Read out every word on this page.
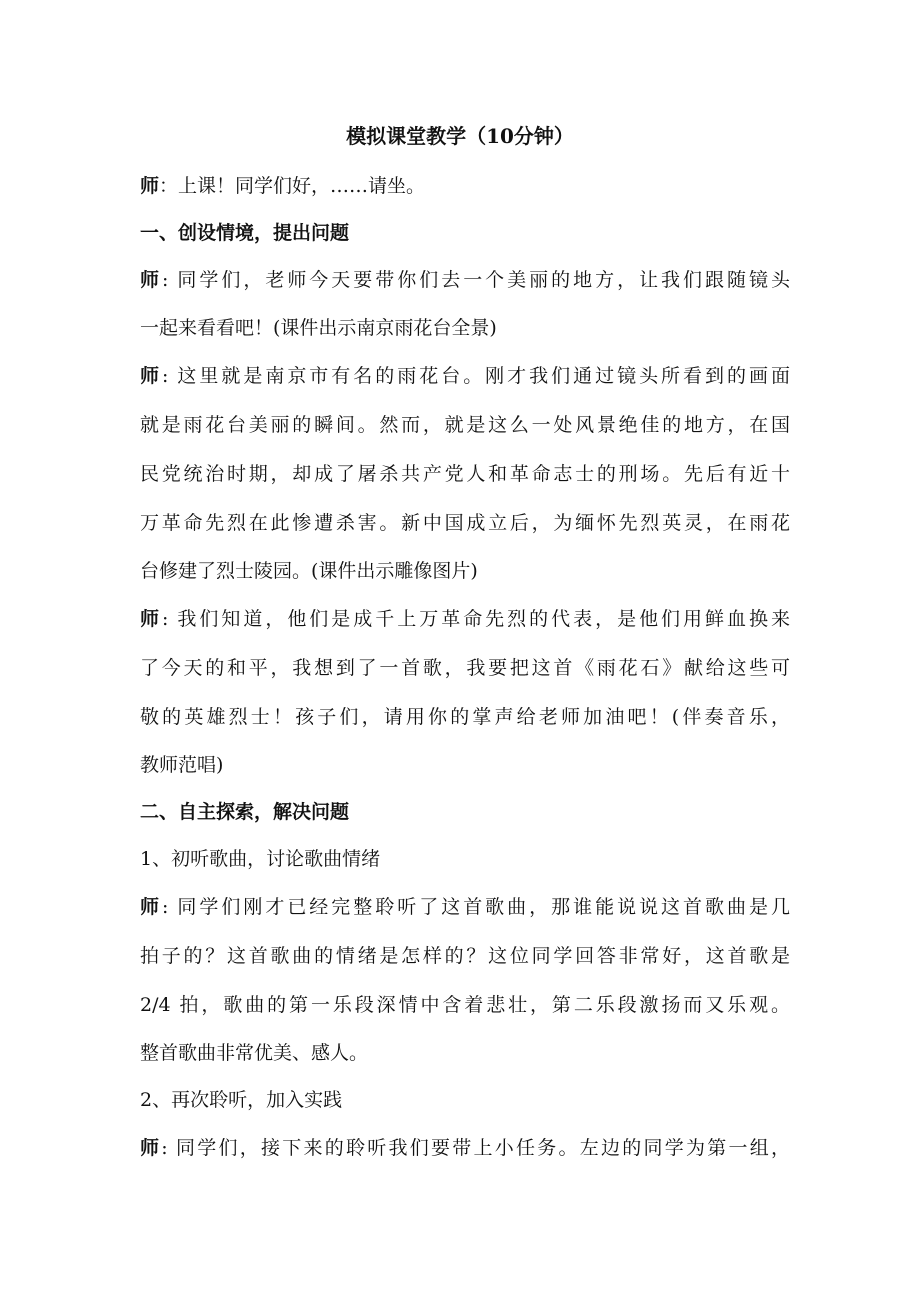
模拟课堂教学（10分钟）

师：上课！同学们好，……请坐。

一、创设情境，提出问题

师: 同学们，老师今天要带你们去一个美丽的地方，让我们跟随镜头

一起来看看吧！(课件出示南京雨花台全景)

师: 这里就是南京市有名的雨花台。刚才我们通过镜头所看到的画面

就是雨花台美丽的瞬间。然而，就是这么一处风景绝佳的地方，在国

民党统治时期，却成了屠杀共产党人和革命志士的刑场。先后有近十

万革命先烈在此惨遭杀害。新中国成立后，为缅怀先烈英灵，在雨花

台修建了烈士陵园。(课件出示雕像图片)

师: 我们知道，他们是成千上万革命先烈的代表，是他们用鲜血换来

了今天的和平，我想到了一首歌，我要把这首《雨花石》献给这些可

敬的英雄烈士！孩子们，请用你的掌声给老师加油吧！(伴奏音乐，

教师范唱)

二、自主探索，解决问题

1、初听歌曲，讨论歌曲情绪

师: 同学们刚才已经完整聆听了这首歌曲，那谁能说说这首歌曲是几

拍子的？这首歌曲的情绪是怎样的？这位同学回答非常好，这首歌是

2/4 拍，歌曲的第一乐段深情中含着悲壮，第二乐段激扬而又乐观。

整首歌曲非常优美、感人。

2、再次聆听，加入实践

师: 同学们，接下来的聆听我们要带上小任务。左边的同学为第一组，
